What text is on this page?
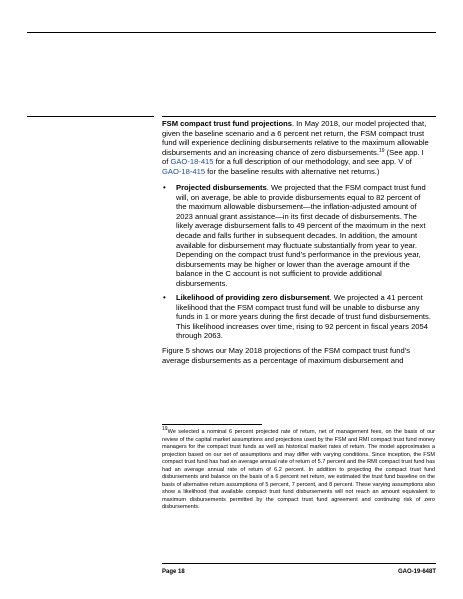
FSM compact trust fund projections. In May 2018, our model projected that, given the baseline scenario and a 6 percent net return, the FSM compact trust fund will experience declining disbursements relative to the maximum allowable disbursements and an increasing chance of zero disbursements.$^{19}$ (See app. I of GAO-18-415 for a full description of our methodology, and see app. V of GAO-18-415 for the baseline results with alternative net returns.)

• Projected disbursements. We projected that the FSM compact trust fund will, on average, be able to provide disbursements equal to 82 percent of the maximum allowable disbursement—the inflation-adjusted amount of 2023 annual grant assistance—in its first decade of disbursements. The likely average disbursement falls to 49 percent of the maximum in the next decade and falls further in subsequent decades. In addition, the amount available for disbursement may fluctuate substantially from year to year. Depending on the compact trust fund’s performance in the previous year, disbursements may be higher or lower than the average amount if the balance in the C account is not sufficient to provide additional disbursements.
• Likelihood of providing zero disbursement. We projected a 41 percent likelihood that the FSM compact trust fund will be unable to disburse any funds in 1 or more years during the first decade of trust fund disbursements. This likelihood increases over time, rising to 92 percent in fiscal years 2054 through 2063.

Figure 5 shows our May 2018 projections of the FSM compact trust fund’s average disbursements as a percentage of maximum disbursement and

$^{19}$We selected a nominal 6 percent projected rate of return, net of management fees, on the basis of our review of the capital market assumptions and projections used by the FSM and RMI compact trust fund money managers for the compact trust funds as well as historical market rates of return. The model approximates a projection based on our set of assumptions and may differ with varying conditions. Since inception, the FSM compact trust fund has had an average annual rate of return of 5.7 percent and the RMI compact trust fund has had an average annual rate of return of 6.2 percent. In addition to projecting the compact trust fund disbursements and balance on the basis of a 6 percent net return, we estimated the trust fund baseline on the basis of alternative return assumptions of 5 percent, 7 percent, and 8 percent. These varying assumptions also show a likelihood that available compact trust fund disbursements will not reach an amount equivalent to maximum disbursements permitted by the compact trust fund agreement and continuing risk of zero disbursements.
Page 18	GAO-19-648T
